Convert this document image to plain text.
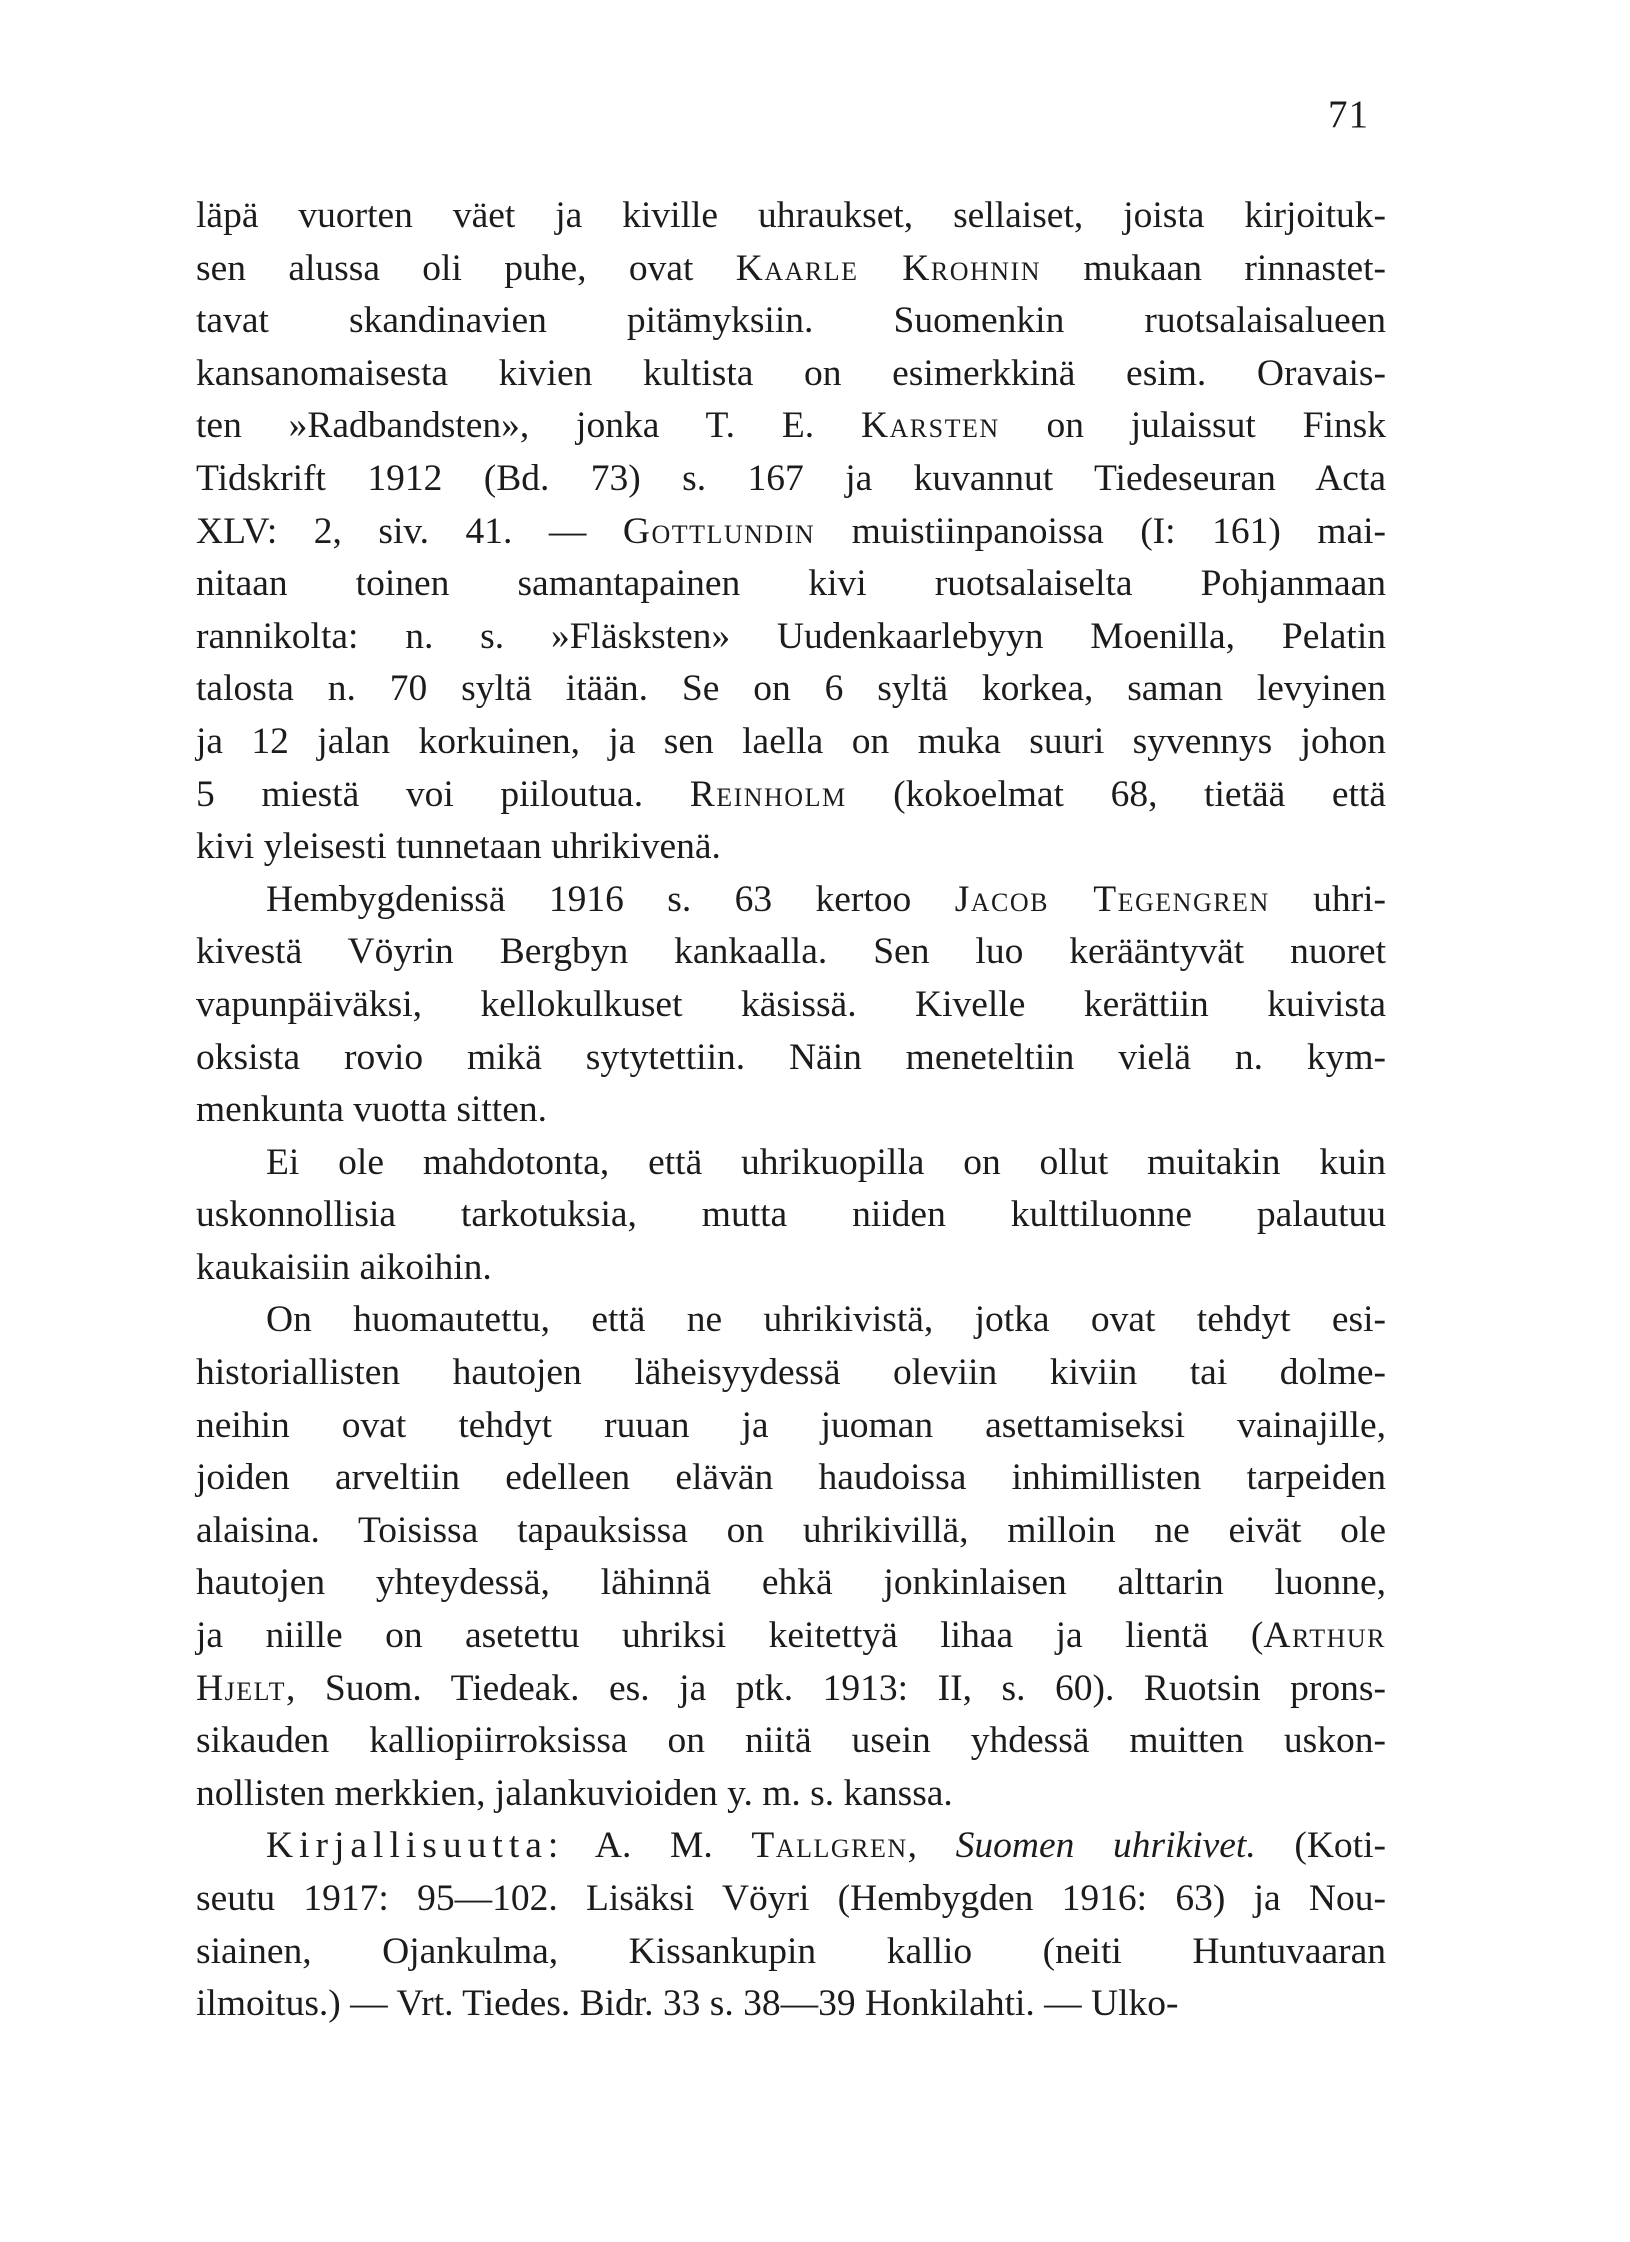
71

läpä vuorten väet ja kiville uhraukset, sellaiset, joista kirjoituk-
sen alussa oli puhe, ovat Kaarle Krohnin mukaan rinnastet-
tavat skandinavien pitämyksiin. Suomenkin ruotsalaisalueen
kansanomaisesta kivien kultista on esimerkkinä esim. Oravais-
ten »Radbandsten», jonka T. E. Karsten on julaissut Finsk
Tidskrift 1912 (Bd. 73) s. 167 ja kuvannut Tiedeseuran Acta
XLV: 2, siv. 41. — Gottlundin muistiinpanoissa (I: 161) mai-
nitaan toinen samantapainen kivi ruotsalaiselta Pohjanmaan
rannikolta: n. s. »Fläsksten» Uudenkaarlebyyn Moenilla, Pelatin
talosta n. 70 syltä itään. Se on 6 syltä korkea, saman levyinen
ja 12 jalan korkuinen, ja sen laella on muka suuri syvennys johon
5 miestä voi piiloutua. Reinholm (kokoelmat 68, tietää että
kivi yleisesti tunnetaan uhrikivenä.

Hembygdenissä 1916 s. 63 kertoo Jacob Tegengren uhri-
kivestä Vöyrin Bergbyn kankaalla. Sen luo kerääntyvät nuoret
vapunpäiväksi, kellokulkuset käsissä. Kivelle kerättiin kuivista
oksista rovio mikä sytytettiin. Näin meneteltiin vielä n. kym-
menkunta vuotta sitten.

Ei ole mahdotonta, että uhrikuopilla on ollut muitakin kuin
uskonnollisia tarkotuksia, mutta niiden kulttiluonne palautuu
kaukaisiin aikoihin.

On huomautettu, että ne uhrikivistä, jotka ovat tehdyt esi-
historiallisten hautojen läheisyydessä oleviin kiviin tai dolme-
neihin ovat tehdyt ruuan ja juoman asettamiseksi vainajille,
joiden arveltiin edelleen elävän haudoissa inhimillisten tarpeiden
alaisina. Toisissa tapauksissa on uhrikivillä, milloin ne eivät ole
hautojen yhteydessä, lähinnä ehkä jonkinlaisen alttarin luonne,
ja niille on asetettu uhriksi keitettyä lihaa ja lientä (Arthur
Hjelt, Suom. Tiedeak. es. ja ptk. 1913: II, s. 60). Ruotsin prons-
sikauden kalliopiirroksissa on niitä usein yhdessä muitten uskon-
nollisten merkkien, jalankuvioiden y. m. s. kanssa.

Kirjallisuutta: A. M. Tallgren, Suomen uhrikivet. (Koti-
seutu 1917: 95—102. Lisäksi Vöyri (Hembygden 1916: 63) ja Nou-
siainen, Ojankulma, Kissankupin kallio (neiti Huntuvaaran
ilmoitus.) — Vrt. Tiedes. Bidr. 33 s. 38—39 Honkilahti. — Ulko-
